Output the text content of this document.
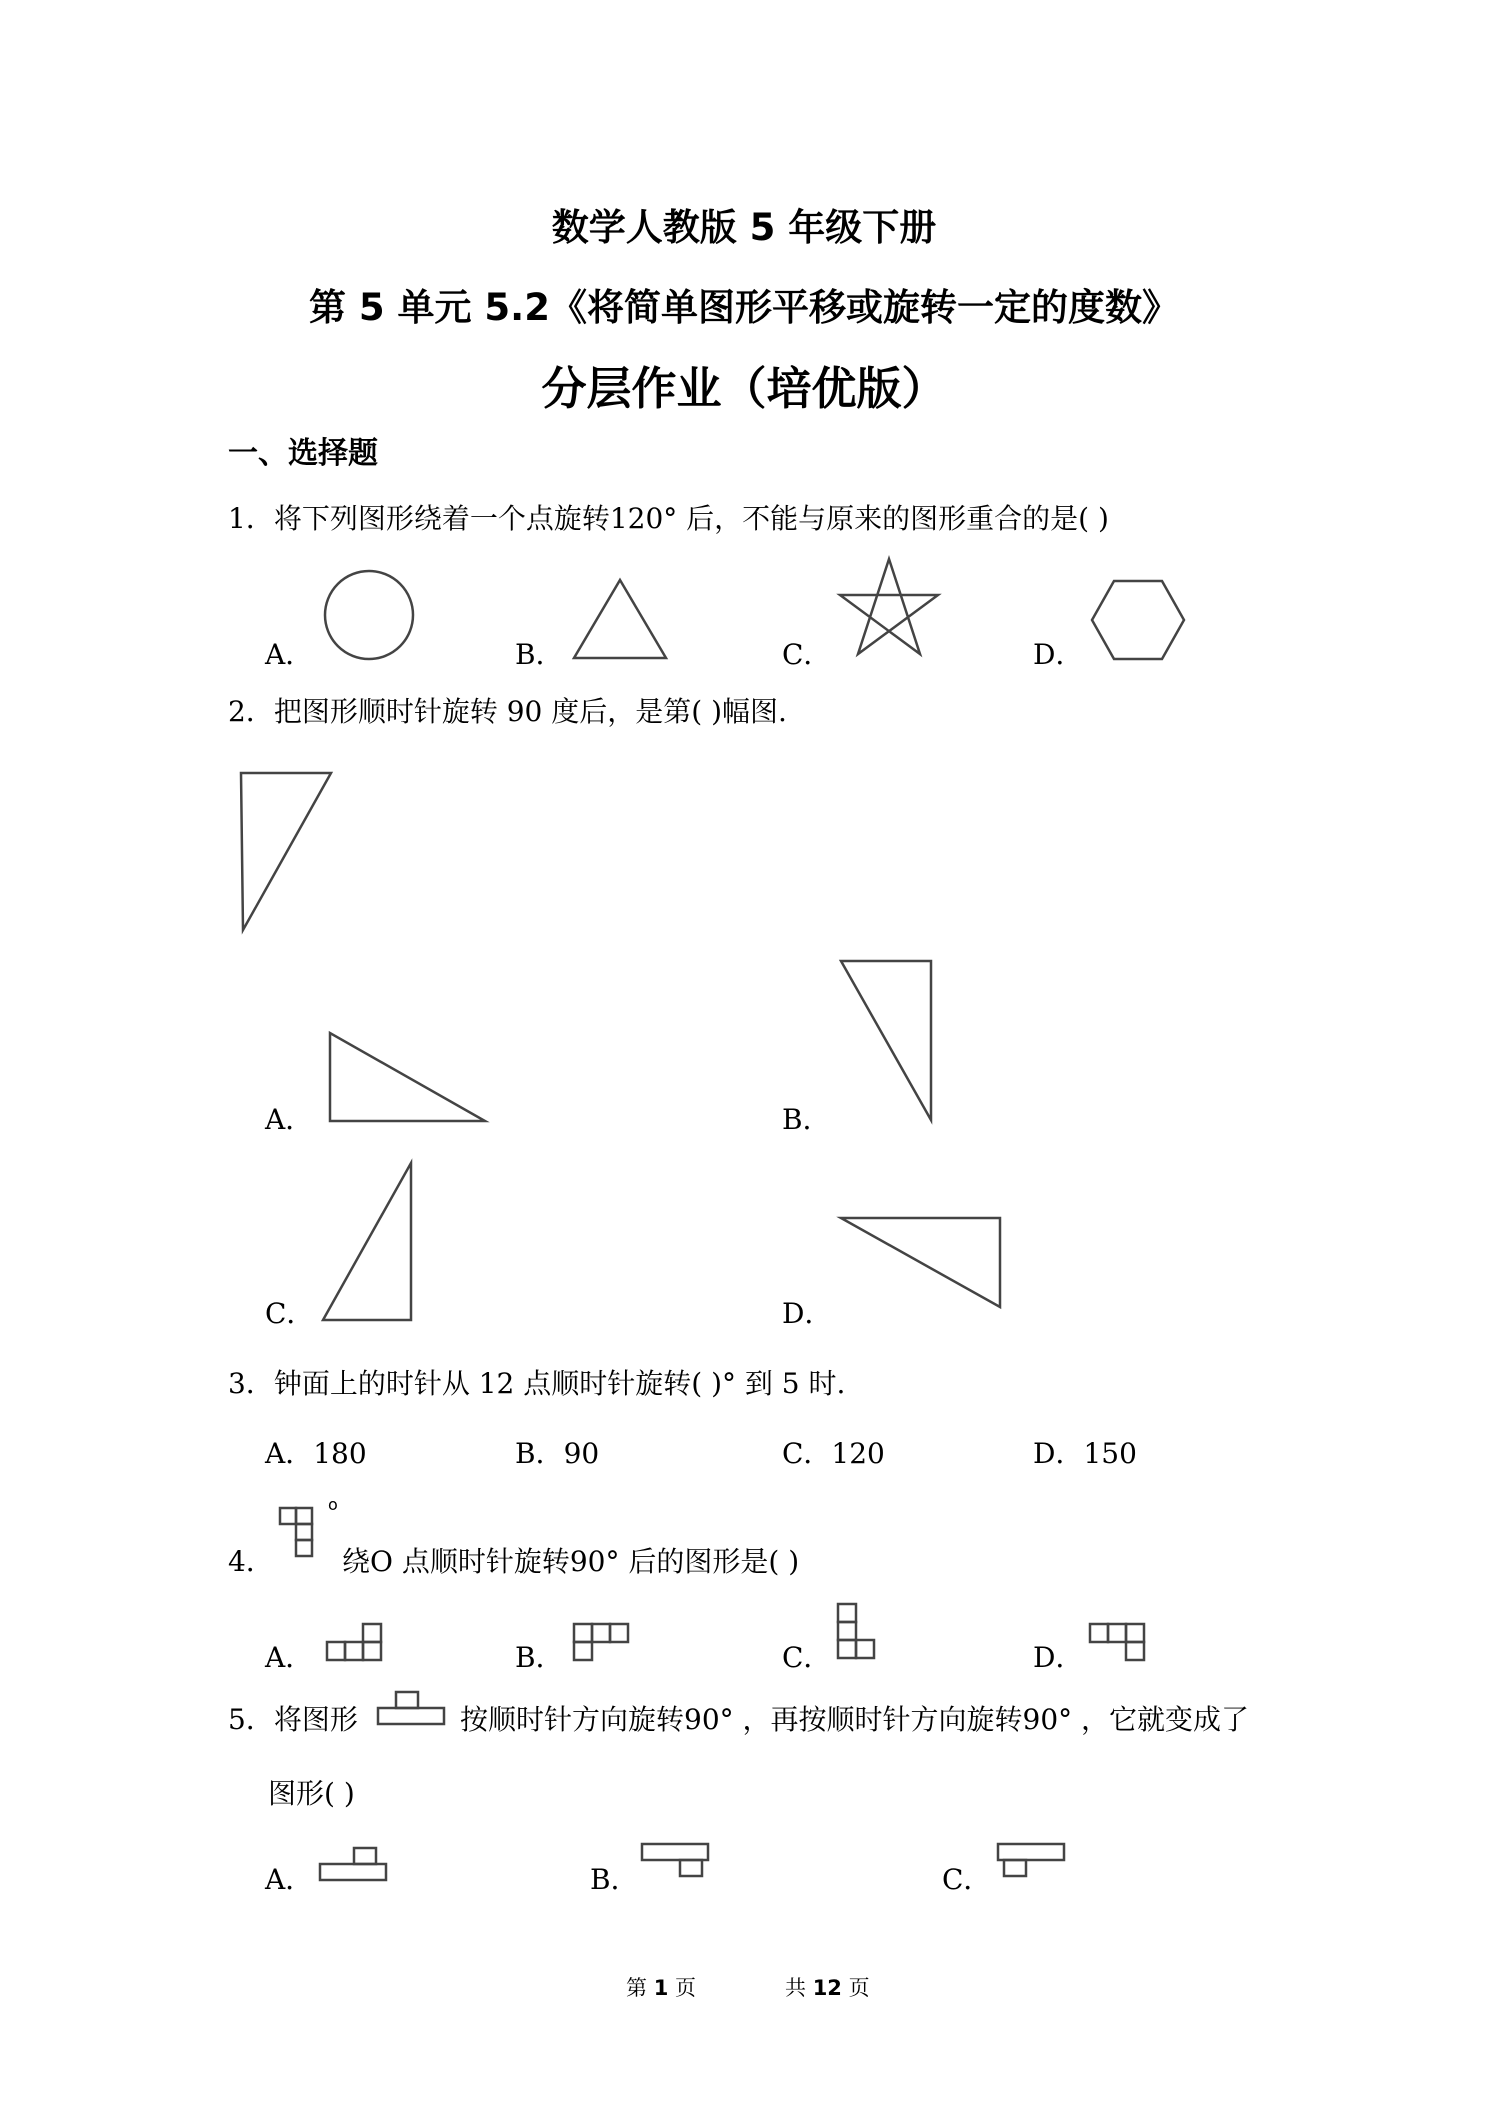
数学人教版 5 年级下册
第 5 单元 5.2《将简单图形平移或旋转一定的度数》
分层作业（培优版）
一、选择题
1．将下列图形绕着一个点旋转120° 后，不能与原来的图形重合的是( )
A．	B．	C．	D．
2．把图形顺时针旋转 90 度后，是第( )幅图.
A．	B．
C．	D．
3．钟面上的时针从 12 点顺时针旋转( )° 到 5 时.
A．180	B．90	C．120	D．150
4．
o
绕O 点顺时针旋转90° 后的图形是( )
A．	B．	C．	D．
5．将图形	按顺时针方向旋转90° ，再按顺时针方向旋转90° ，它就变成了
图形( )
A．	B．	C．
第 1 页	共 12 页
